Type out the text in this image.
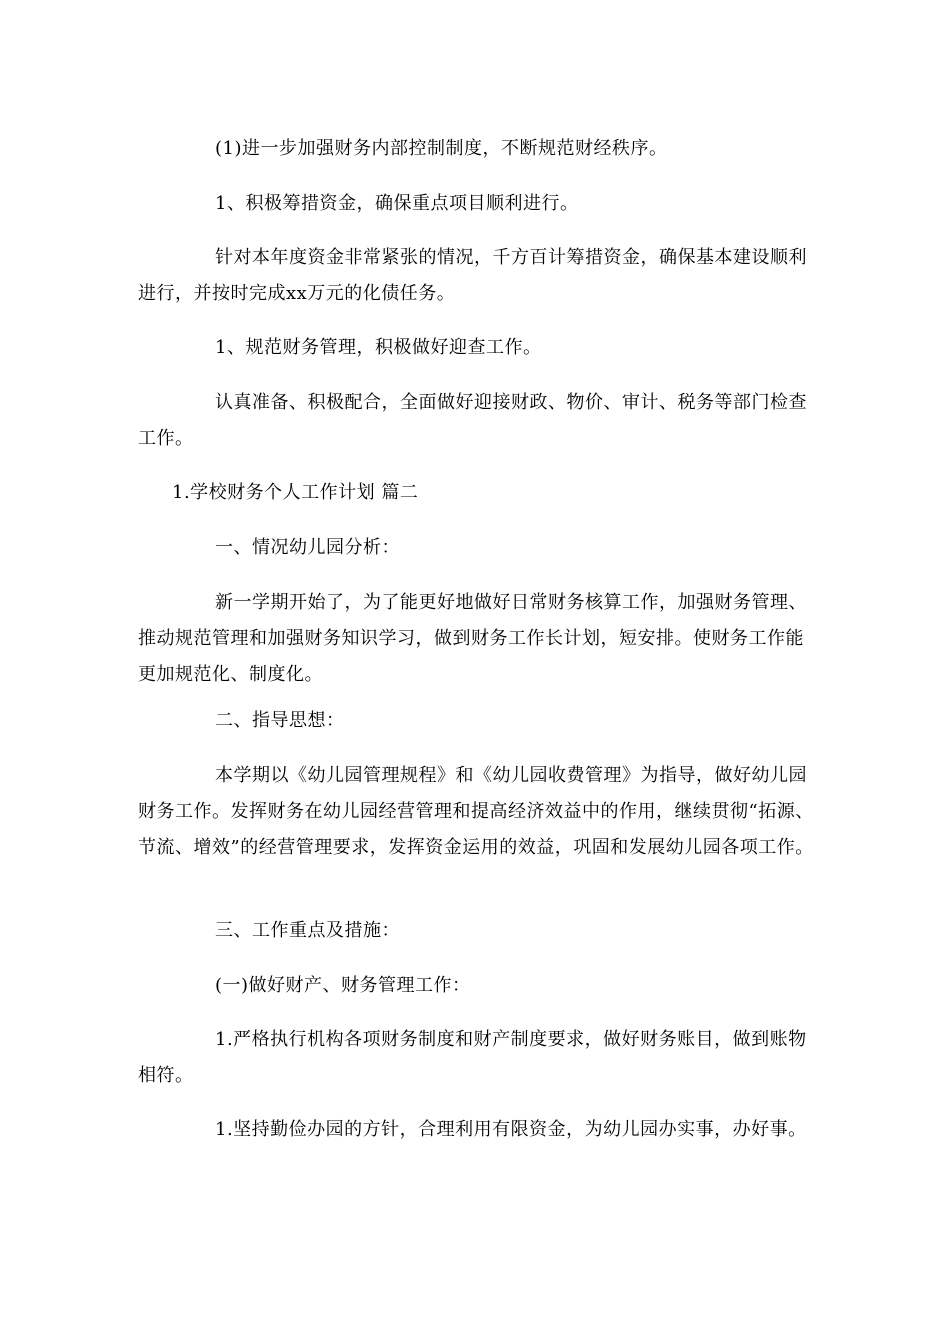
(1)进一步加强财务内部控制制度，不断规范财经秩序。

1、积极筹措资金，确保重点项目顺利进行。

针对本年度资金非常紧张的情况，千方百计筹措资金，确保基本建设顺利进行，并按时完成xx万元的化债任务。

1、规范财务管理，积极做好迎查工作。

认真准备、积极配合，全面做好迎接财政、物价、审计、税务等部门检查工作。

1.学校财务个人工作计划 篇二

一、情况幼儿园分析：

新一学期开始了，为了能更好地做好日常财务核算工作，加强财务管理、推动规范管理和加强财务知识学习，做到财务工作长计划，短安排。使财务工作能更加规范化、制度化。

二、指导思想：

本学期以《幼儿园管理规程》和《幼儿园收费管理》为指导，做好幼儿园财务工作。发挥财务在幼儿园经营管理和提高经济效益中的作用，继续贯彻“拓源、节流、增效”的经营管理要求，发挥资金运用的效益，巩固和发展幼儿园各项工作。

三、工作重点及措施：

(一)做好财产、财务管理工作：

1.严格执行机构各项财务制度和财产制度要求，做好财务账目，做到账物相符。

1.坚持勤俭办园的方针，合理利用有限资金，为幼儿园办实事，办好事。
